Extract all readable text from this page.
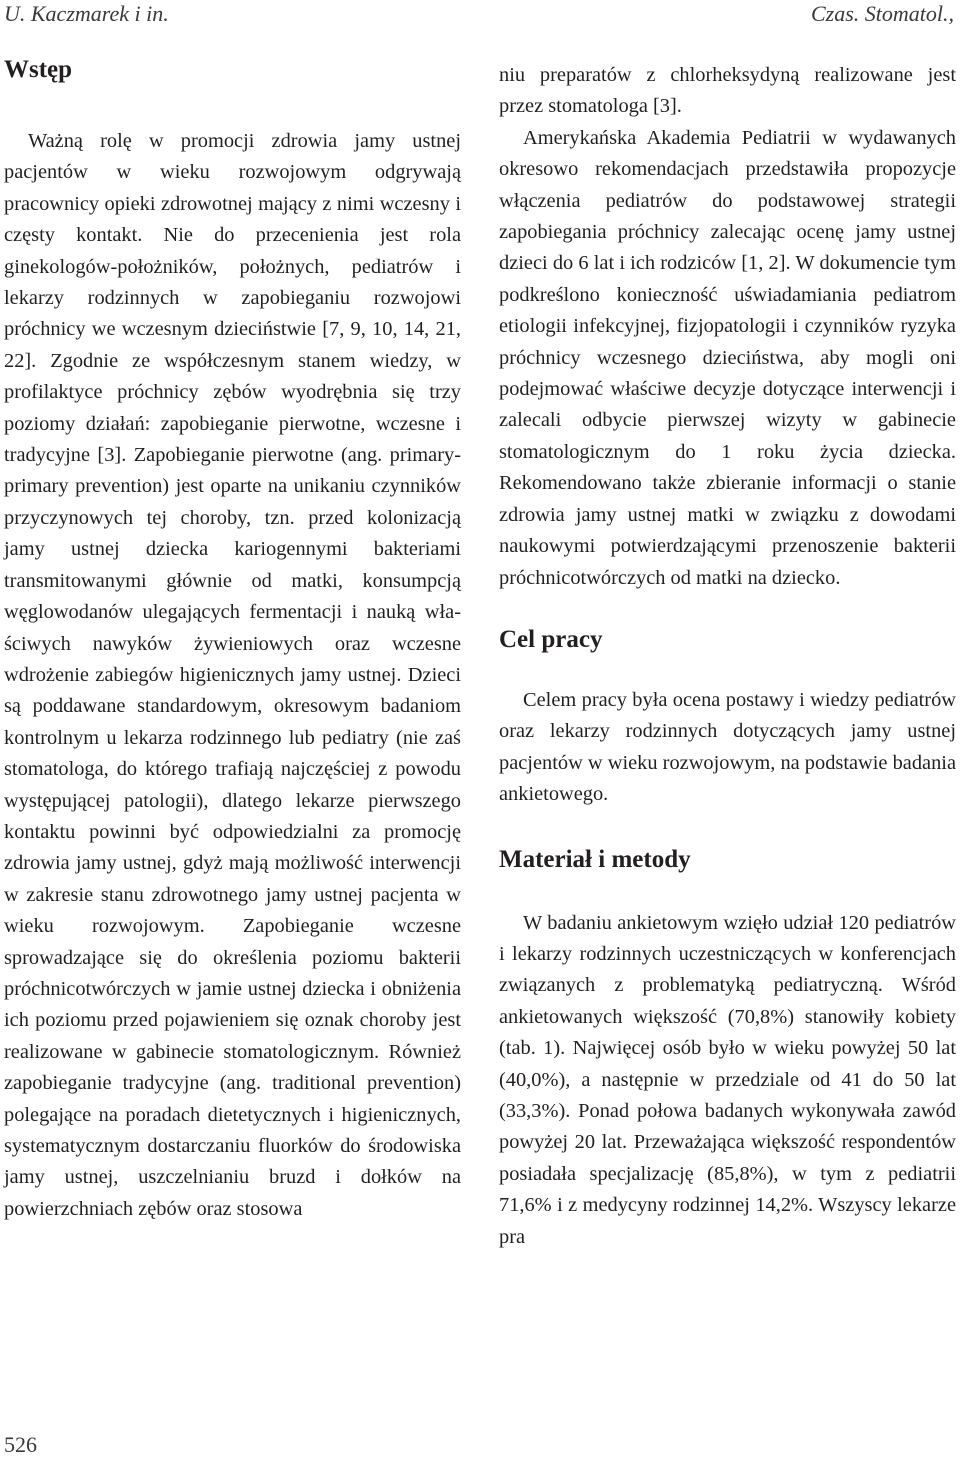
U. Kaczmarek i in.	Czas. Stomatol.,
Wstęp

Ważną rolę w promocji zdrowia jamy ustnej pacjentów w wieku rozwojowym odgrywają pracownicy opieki zdrowotnej mający z nimi wczesny i częsty kontakt. Nie do przecenienia jest rola ginekologów-położników, położnych, pediatrów i lekarzy rodzinnych w zapobieganiu rozwojowi próchnicy we wczesnym dzieciństwie [7, 9, 10, 14, 21, 22]. Zgodnie ze współczesnym stanem wiedzy, w profilaktyce próchnicy zębów wyodrębnia się trzy poziomy działań: zapobieganie pierwotne, wczesne i tradycyjne [3]. Zapobieganie pierwotne (ang. primary-primary prevention) jest oparte na unikaniu czynników przyczynowych tej choroby, tzn. przed kolonizacją jamy ustnej dziecka kariogennymi bakteriami transmitowanymi głównie od matki, konsumpcją węglowodanów ulegających fermentacji i nauką właściwych nawyków żywieniowych oraz wczesne wdrożenie zabiegów higienicznych jamy ustnej. Dzieci są poddawane standardowym, okresowym badaniom kontrolnym u lekarza rodzinnego lub pediatry (nie zaś stomatologa, do którego trafiają najczęściej z powodu występującej patologii), dlatego lekarze pierwszego kontaktu powinni być odpowiedzialni za promocję zdrowia jamy ustnej, gdyż mają możliwość interwencji w zakresie stanu zdrowotnego jamy ustnej pacjenta w wieku rozwojowym. Zapobieganie wczesne sprowadzające się do określenia poziomu bakterii próchnicotwórczych w jamie ustnej dziecka i obniżenia ich poziomu przed pojawieniem się oznak choroby jest realizowane w gabinecie stomatologicznym. Również zapobieganie tradycyjne (ang. traditional prevention) polegające na poradach dietetycznych i higienicznych, systematycznym dostarczaniu fluorków do środowiska jamy ustnej, uszczelnianiu bruzd i dołków na powierzchniach zębów oraz stosowa

niu preparatów z chlorheksydyną realizowane jest przez stomatologa [3].

Amerykańska Akademia Pediatrii w wydawanych okresowo rekomendacjach przedstawiła propozycje włączenia pediatrów do podstawowej strategii zapobiegania próchnicy zalecając ocenę jamy ustnej dzieci do 6 lat i ich rodziców [1, 2]. W dokumencie tym podkreślono konieczność uświadamiania pediatrom etiologii infekcyjnej, fizjopatologii i czynników ryzyka próchnicy wczesnego dzieciństwa, aby mogli oni podejmować właściwe decyzje dotyczące interwencji i zalecali odbycie pierwszej wizyty w gabinecie stomatologicznym do 1 roku życia dziecka. Rekomendowano także zbieranie informacji o stanie zdrowia jamy ustnej matki w związku z dowodami naukowymi potwierdzającymi przenoszenie bakterii próchnicotwórczych od matki na dziecko.

Cel pracy

Celem pracy była ocena postawy i wiedzy pediatrów oraz lekarzy rodzinnych dotyczących jamy ustnej pacjentów w wieku rozwojowym, na podstawie badania ankietowego.

Materiał i metody

W badaniu ankietowym wzięło udział 120 pediatrów i lekarzy rodzinnych uczestniczących w konferencjach związanych z problematyką pediatryczną. Wśród ankietowanych większość (70,8%) stanowiły kobiety (tab. 1). Najwięcej osób było w wieku powyżej 50 lat (40,0%), a następnie w przedziale od 41 do 50 lat (33,3%). Ponad połowa badanych wykonywała zawód powyżej 20 lat. Przeważająca większość respondentów posiadała specjalizację (85,8%), w tym z pediatrii 71,6% i z medycyny rodzinnej 14,2%. Wszyscy lekarze pra

526
